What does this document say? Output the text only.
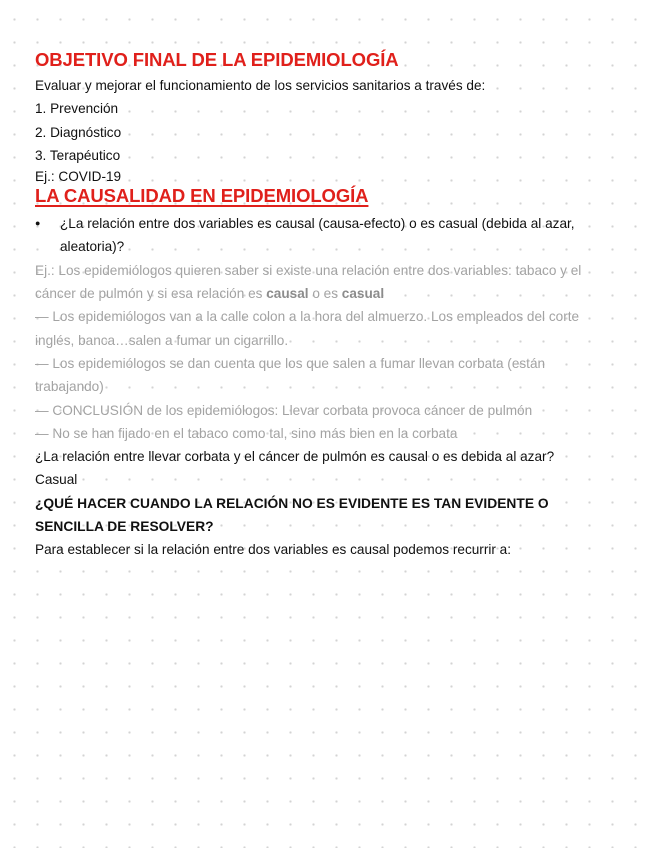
OBJETIVO FINAL DE LA EPIDEMIOLOGÍA

Evaluar y mejorar el funcionamiento de los servicios sanitarios a través de:

1. Prevención

2. Diagnóstico

3. Terapéutico

Ej.: COVID-19

LA CAUSALIDAD EN EPIDEMIOLOGÍA
●	¿La relación entre dos variables es causal (causa-efecto) o es casual (debida al azar, aleatoria)?

Ej.: Los epidemiólogos quieren saber si existe una relación entre dos variables: tabaco y el cáncer de pulmón y si esa relación es causal o es casual

— Los epidemiólogos van a la calle colon a la hora del almuerzo. Los empleados del corte inglés, banca…salen a fumar un cigarrillo.

— Los epidemiólogos se dan cuenta que los que salen a fumar llevan corbata (están trabajando)

— CONCLUSIÓN de los epidemiólogos: Llevar corbata provoca cáncer de pulmón

— No se han fijado en el tabaco como tal, sino más bien en la corbata

¿La relación entre llevar corbata y el cáncer de pulmón es causal o es debida al azar?

Casual

¿QUÉ HACER CUANDO LA RELACIÓN NO ES EVIDENTE ES TAN EVIDENTE O SENCILLA DE RESOLVER?

Para establecer si la relación entre dos variables es causal podemos recurrir a:
